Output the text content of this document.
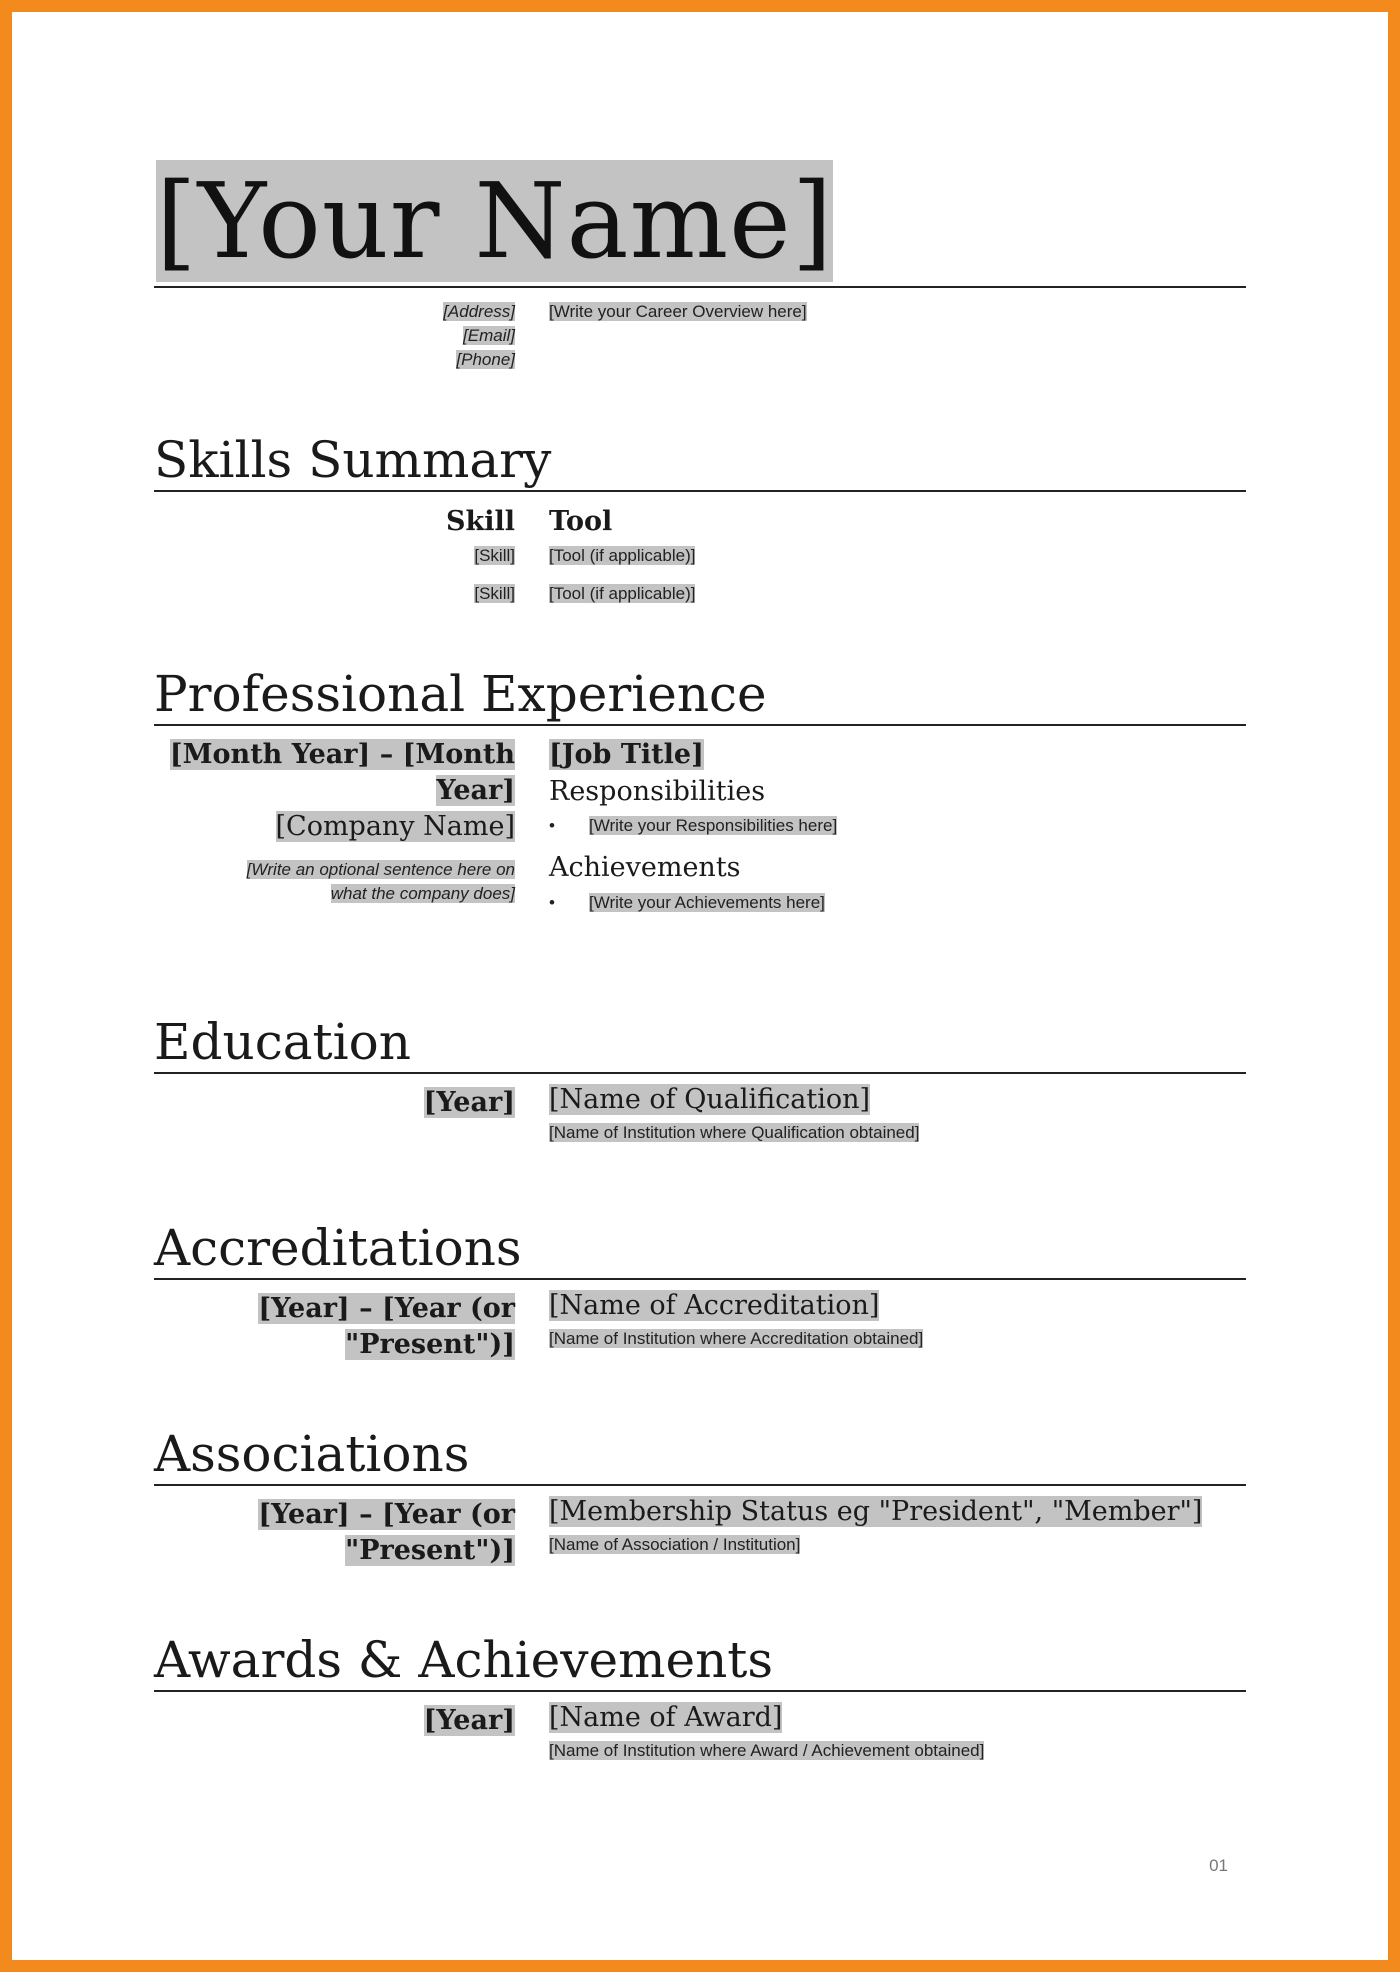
[Your Name]
[Address]
[Email]
[Phone]
[Write your Career Overview here]
Skills Summary
Skill Tool
[Skill] [Tool (if applicable)]
[Skill] [Tool (if applicable)]
Professional Experience
[Month Year] – [Month
Year]
[Company Name]
[Write an optional sentence here on
what the company does]
[Job Title]
Responsibilities
• [Write your Responsibilities here]
Achievements
• [Write your Achievements here]
Education
[Year] [Name of Qualification]
[Name of Institution where Qualification obtained]
Accreditations
[Year] – [Year (or
"Present")]
[Name of Accreditation]
[Name of Institution where Accreditation obtained]
Associations
[Year] – [Year (or
"Present")]
[Membership Status eg "President", "Member"]
[Name of Association / Institution]
Awards & Achievements
[Year] [Name of Award]
[Name of Institution where Award / Achievement obtained]
01
